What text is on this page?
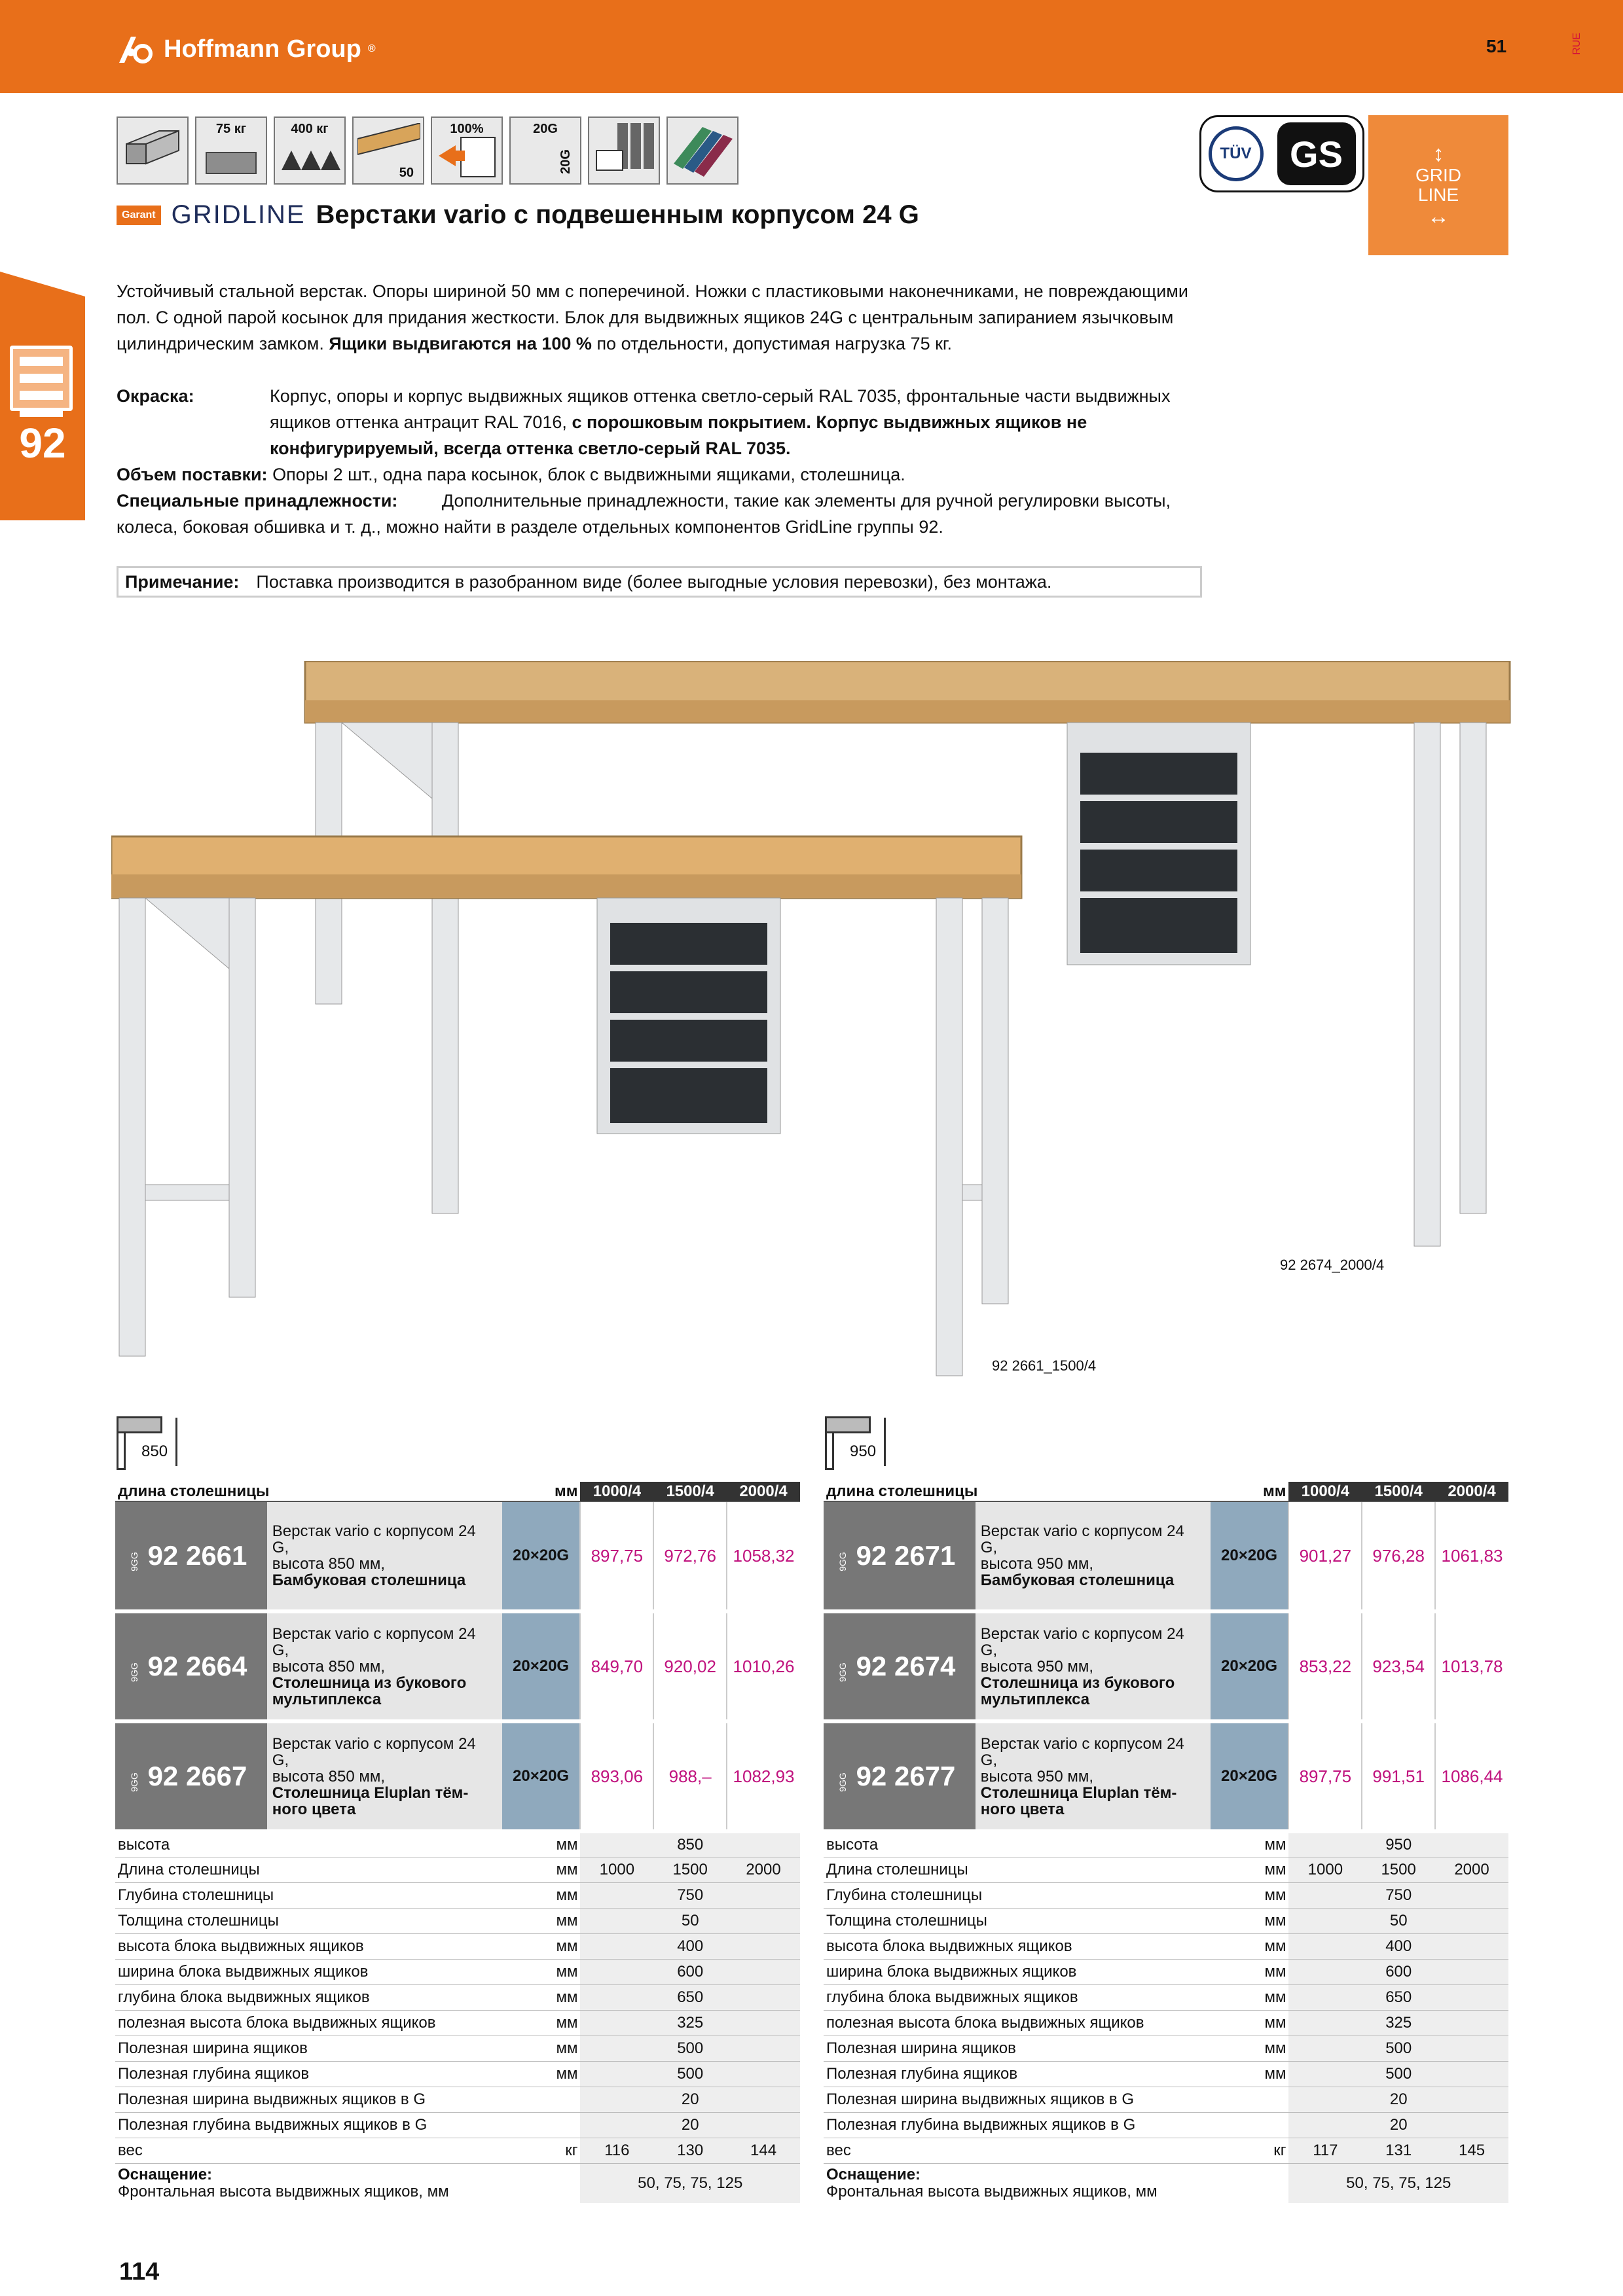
Hoffmann Group ®	51	RUE
92
75 кг	400 кг
50
100%	20G
20G	TÜV	GS	↕
GRID
LINE
↔
Garant GRIDLINE Верстаки vario с подвешенным корпусом 24 G
Устойчивый стальной верстак. Опоры шириной 50 мм с поперечиной. Ножки с пластиковыми наконечниками, не повреждающими пол. С одной парой косынок для придания жесткости. Блок для выдвижных ящиков 24G с центральным запиранием язычковым цилиндрическим замком. Ящики выдвигаются на 100 % по отдельности, допустимая нагрузка 75 кг.
Окраска:	Корпус, опоры и корпус выдвижных ящиков оттенка светло-серый RAL 7035, фронтальные части выдвижных ящиков оттенка антрацит RAL 7016, с порошковым покрытием. Корпус выдвижных ящиков не конфигурируемый, всегда оттенка светло-серый RAL 7035.
Объем поставки: Опоры 2 шт., одна пара косынок, блок с выдвижными ящиками, столешница.
Специальные принадлежности:	Дополнительные принадлежности, такие как элементы для ручной регулировки высоты, колеса, боковая обшивка и т. д., можно найти в разделе отдельных компонентов GridLine группы 92.
Примечание: Поставка производится в разобранном виде (более выгодные условия перевозки), без монтажа.
92 2674_2000/4
92 2661_1500/4
850
длина столешницы		мм	1000/4	1500/4	2000/4
9GG 92 2661	Верстак vario с корпусом 24 G,
высота 850 мм,
Бамбуковая столешница	20×20G	897,75	972,76	1058,32
9GG 92 2664	Верстак vario с корпусом 24 G,
высота 850 мм,
Столешница из букового мультиплекса	20×20G	849,70	920,02	1010,26
9GG 92 2667	Верстак vario с корпусом 24 G,
высота 850 мм,
Столешница Eluplan тёмного цвета	20×20G	893,06	988,–	1082,93
высота		мм	850		
Длина столешницы		мм	1000	1500	2000
Глубина столешницы		мм	750		
Толщина столешницы		мм	50		
высота блока выдвижных ящиков		мм	400		
ширина блока выдвижных ящиков		мм	600		
глубина блока выдвижных ящиков		мм	650		
полезная высота блока выдвижных ящиков		мм	325		
Полезная ширина ящиков		мм	500		
Полезная глубина ящиков		мм	500		
Полезная ширина выдвижных ящиков в G			20		
Полезная глубина выдвижных ящиков в G			20		
вес		кг	116	130	144
Оснащение:
Фронтальная высота выдвижных ящиков, мм			50, 75, 75, 125		
950
длина столешницы		мм	1000/4	1500/4	2000/4
9GG 92 2671	Верстак vario с корпусом 24 G,
высота 950 мм,
Бамбуковая столешница	20×20G	901,27	976,28	1061,83
9GG 92 2674	Верстак vario с корпусом 24 G,
высота 950 мм,
Столешница из букового мультиплекса	20×20G	853,22	923,54	1013,78
9GG 92 2677	Верстак vario с корпусом 24 G,
высота 950 мм,
Столешница Eluplan тёмного цвета	20×20G	897,75	991,51	1086,44
высота		мм	950		
Длина столешницы		мм	1000	1500	2000
Глубина столешницы		мм	750		
Толщина столешницы		мм	50		
высота блока выдвижных ящиков		мм	400		
ширина блока выдвижных ящиков		мм	600		
глубина блока выдвижных ящиков		мм	650		
полезная высота блока выдвижных ящиков		мм	325		
Полезная ширина ящиков		мм	500		
Полезная глубина ящиков		мм	500		
Полезная ширина выдвижных ящиков в G			20		
Полезная глубина выдвижных ящиков в G			20		
вес		кг	117	131	145
Оснащение:
Фронтальная высота выдвижных ящиков, мм			50, 75, 75, 125		
114
